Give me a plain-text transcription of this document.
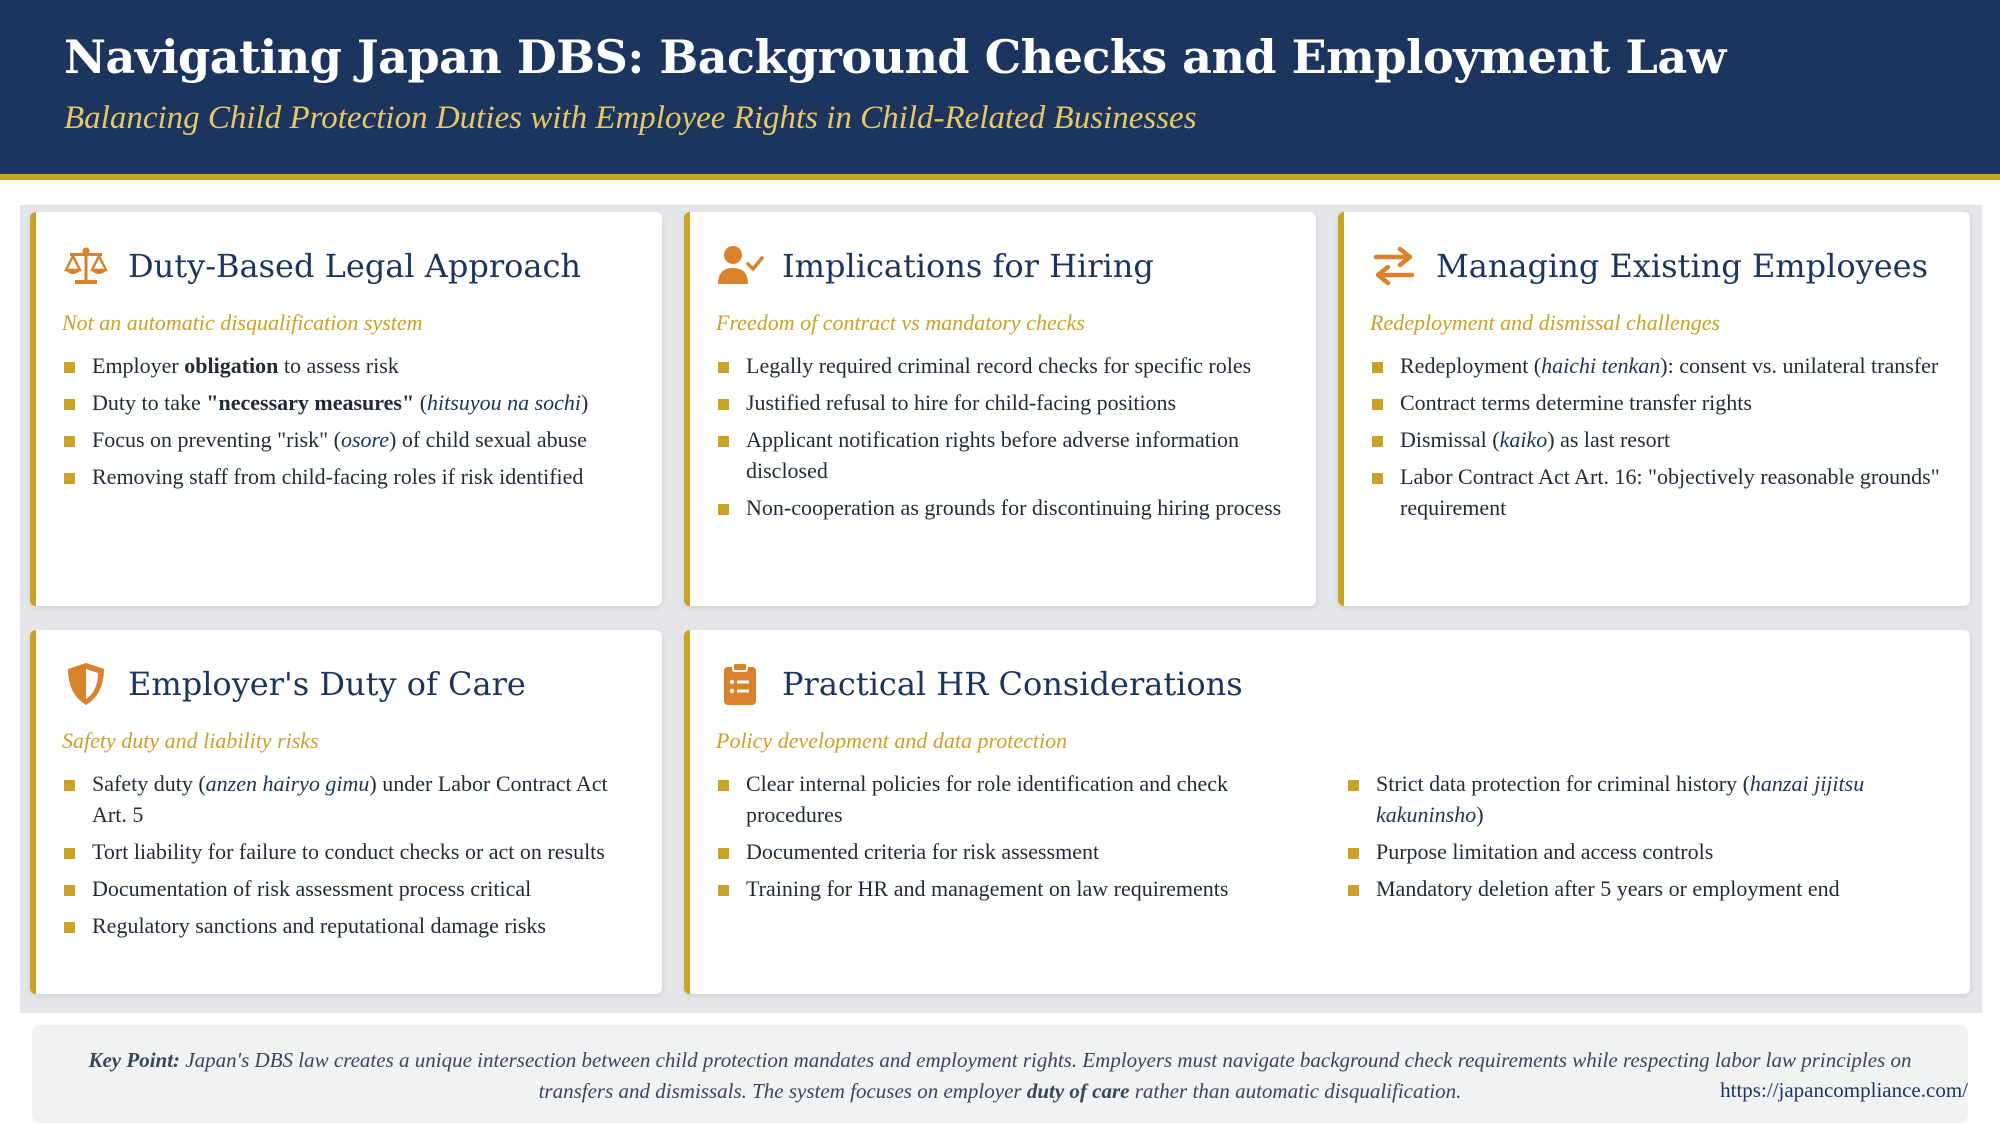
Navigating Japan DBS: Background Checks and Employment Law
Balancing Child Protection Duties with Employee Rights in Child-Related Businesses
Duty-Based Legal Approach
Not an automatic disqualification system
Employer obligation to assess risk
Duty to take "necessary measures" (hitsuyou na sochi)
Focus on preventing "risk" (osore) of child sexual abuse
Removing staff from child-facing roles if risk identified
Implications for Hiring
Freedom of contract vs mandatory checks
Legally required criminal record checks for specific roles
Justified refusal to hire for child-facing positions
Applicant notification rights before adverse information disclosed
Non-cooperation as grounds for discontinuing hiring process
Managing Existing Employees
Redeployment and dismissal challenges
Redeployment (haichi tenkan): consent vs. unilateral transfer
Contract terms determine transfer rights
Dismissal (kaiko) as last resort
Labor Contract Act Art. 16: "objectively reasonable grounds" requirement
Employer's Duty of Care
Safety duty and liability risks
Safety duty (anzen hairyo gimu) under Labor Contract Act Art. 5
Tort liability for failure to conduct checks or act on results
Documentation of risk assessment process critical
Regulatory sanctions and reputational damage risks
Practical HR Considerations
Policy development and data protection
Clear internal policies for role identification and check procedures
Documented criteria for risk assessment
Training for HR and management on law requirements
Strict data protection for criminal history (hanzai jijitsu kakuninsho)
Purpose limitation and access controls
Mandatory deletion after 5 years or employment end
Key Point: Japan's DBS law creates a unique intersection between child protection mandates and employment rights. Employers must navigate background check requirements while respecting labor law principles on transfers and dismissals. The system focuses on employer duty of care rather than automatic disqualification.	https://japancompliance.com/
